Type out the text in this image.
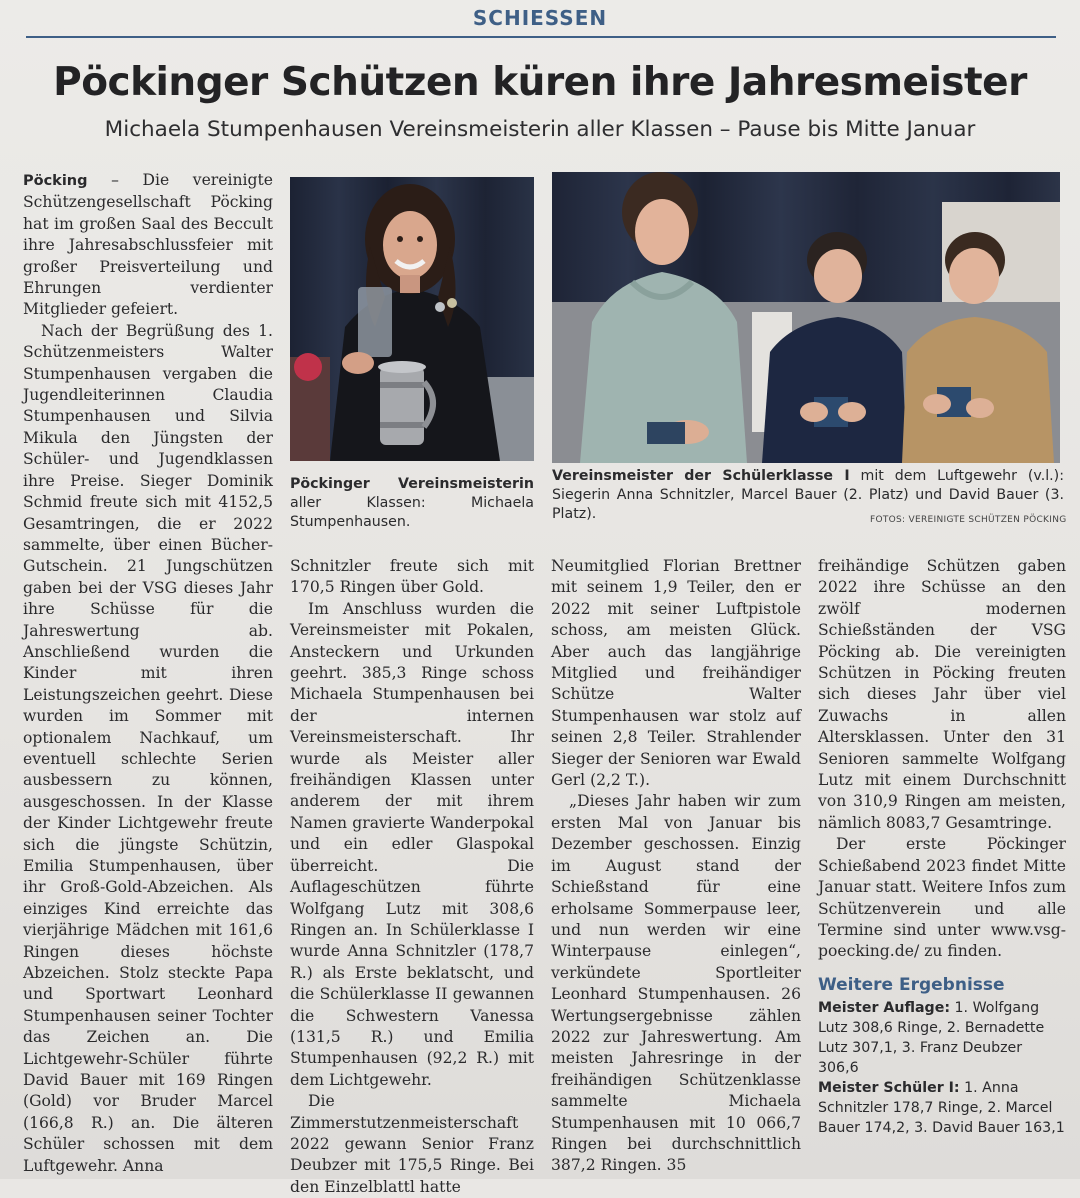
SCHIESSEN
Pöckinger Schützen küren ihre Jahresmeister
Michaela Stumpenhausen Vereinsmeisterin aller Klassen – Pause bis Mitte Januar

Pöcking – Die vereinigte Schützengesellschaft Pöcking hat im großen Saal des Beccult ihre Jahresabschlussfeier mit großer Preisverteilung und Ehrungen verdienter Mitglieder gefeiert.

Nach der Begrüßung des 1. Schützenmeisters Walter Stumpenhausen vergaben die Jugendleiterinnen Claudia Stumpenhausen und Silvia Mikula den Jüngsten der Schüler- und Jugendklassen ihre Preise. Sieger Dominik Schmid freute sich mit 4152,5 Gesamtringen, die er 2022 sammelte, über einen Bücher-Gutschein. 21 Jungschützen gaben bei der VSG dieses Jahr ihre Schüsse für die Jahreswertung ab. Anschließend wurden die Kinder mit ihren Leistungszeichen geehrt. Diese wurden im Sommer mit optionalem Nachkauf, um eventuell schlechte Serien ausbessern zu können, ausgeschossen. In der Klasse der Kinder Lichtgewehr freute sich die jüngste Schützin, Emilia Stumpenhausen, über ihr Groß-Gold-Abzeichen. Als einziges Kind erreichte das vierjährige Mädchen mit 161,6 Ringen dieses höchste Abzeichen. Stolz steckte Papa und Sportwart Leonhard Stumpenhausen seiner Tochter das Zeichen an. Die Lichtgewehr-Schüler führte David Bauer mit 169 Ringen (Gold) vor Bruder Marcel (166,8 R.) an. Die älteren Schüler schossen mit dem Luftgewehr. Anna

Pöckinger Vereinsmeisterin aller Klassen: Michaela Stumpenhausen.
Vereinsmeister der Schülerklasse I mit dem Luftgewehr (v.l.): Siegerin Anna Schnitzler, Marcel Bauer (2. Platz) und David Bauer (3. Platz).	FOTOS: VEREINIGTE SCHÜTZEN PÖCKING

Schnitzler freute sich mit 170,5 Ringen über Gold.

Im Anschluss wurden die Vereinsmeister mit Pokalen, Ansteckern und Urkunden geehrt. 385,3 Ringe schoss Michaela Stumpenhausen bei der internen Vereinsmeisterschaft. Ihr wurde als Meister aller freihändigen Klassen unter anderem der mit ihrem Namen gravierte Wanderpokal und ein edler Glaspokal überreicht. Die Auflageschützen führte Wolfgang Lutz mit 308,6 Ringen an. In Schülerklasse I wurde Anna Schnitzler (178,7 R.) als Erste beklatscht, und die Schülerklasse II gewannen die Schwestern Vanessa (131,5 R.) und Emilia Stumpenhausen (92,2 R.) mit dem Lichtgewehr.

Die Zimmerstutzenmeisterschaft 2022 gewann Senior Franz Deubzer mit 175,5 Ringe. Bei den Einzelblattl hatte

Neumitglied Florian Brettner mit seinem 1,9 Teiler, den er 2022 mit seiner Luftpistole schoss, am meisten Glück. Aber auch das langjährige Mitglied und freihändiger Schütze Walter Stumpenhausen war stolz auf seinen 2,8 Teiler. Strahlender Sieger der Senioren war Ewald Gerl (2,2 T.).

„Dieses Jahr haben wir zum ersten Mal von Januar bis Dezember geschossen. Einzig im August stand der Schießstand für eine erholsame Sommerpause leer, und nun werden wir eine Winterpause einlegen“, verkündete Sportleiter Leonhard Stumpenhausen. 26 Wertungsergebnisse zählen 2022 zur Jahreswertung. Am meisten Jahresringe in der freihändigen Schützenklasse sammelte Michaela Stumpenhausen mit 10 066,7 Ringen bei durchschnittlich 387,2 Ringen. 35

freihändige Schützen gaben 2022 ihre Schüsse an den zwölf modernen Schießständen der VSG Pöcking ab. Die vereinigten Schützen in Pöcking freuten sich dieses Jahr über viel Zuwachs in allen Altersklassen. Unter den 31 Senioren sammelte Wolfgang Lutz mit einem Durchschnitt von 310,9 Ringen am meisten, nämlich 8083,7 Gesamtringe.

Der erste Pöckinger Schießabend 2023 findet Mitte Januar statt. Weitere Infos zum Schützenverein und alle Termine sind unter www.vsg-poecking.de/ zu finden.

Weitere Ergebnisse
Meister Auflage: 1. Wolfgang Lutz 308,6 Ringe, 2. Bernadette Lutz 307,1, 3. Franz Deubzer 306,6
Meister Schüler I: 1. Anna Schnitzler 178,7 Ringe, 2. Marcel Bauer 174,2, 3. David Bauer 163,1
